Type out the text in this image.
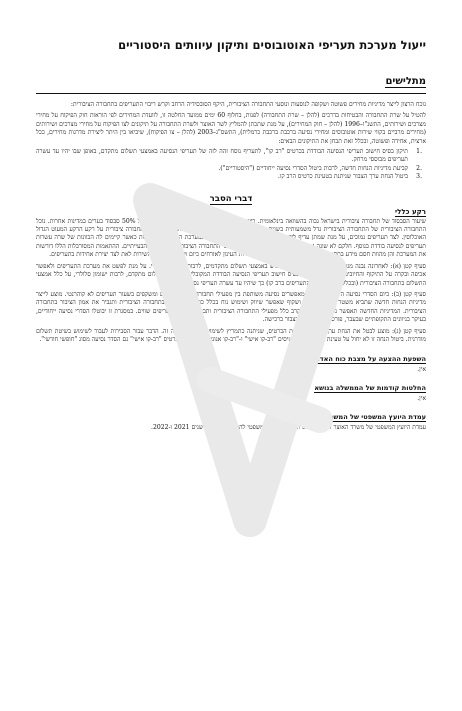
ייעול מערכת תעריפי האוטובוסים ותיקון עיוותים היסטוריים
מתלישים

נוכח הרצון לייצר מדיניות מחירים פשוטה ושקופה לנוסעות ונוסעי התחבורה הציבורית, היקף הסובסידיה הרחב וקרש ריבוי התעריפים בתחבורה הציבורית:

להטיל על שרת התחבורה והבטיחות בדרכים (להלן – שרת התחבורה) לפנות, בחלוף 60 ימים ממועד החלטה זו, לוועדת המחירים לפי הוראות חוק הפיקוח על מחירי מצרכים ושירותים, התשנ"ו–1996 (להלן – חוק המחירים), על מנת שתכתן להמליץ לשר האוצר ולשרת התחבורה על תיקונים לצו הפיקוח על מחירי מצרכים ושירותים (מחירים מרביים בקווי שירות אוטובוסים ומחירי נסיעה ברכבת ברכבת כרמלית), התשס"ג–2003 (להלן – צו הפיקוח), שיביאו בין היתר ליצירת מדרגות מחירים, ככל ארצית, אחידה ופשוטה, ובכלל זאת תבחן את התיקונים הבאים:

.1
תיקון בסיס חישוב תעריפי הנסיעה הבודדת בכרטיס "רב קו", לתעריף נוסח זהה לזה של תעריפי הנסיעה באמצעי תשלום מתקדם, באופן שבו יהיו עד עשרה תעריפים מבוססי מרחק.
.2
קביעת מדיניות הנחות חדשה, לרבות ביטול הסדרי נסיעה ייחודיים ("היסטוריים").
.3
ביטול הנחת ערך הצבור שניתנת בטעינת כרטיס הרב קו.
דברי הסבר
רקע כללי

שיעור הסבסוד של תחבורה ציבורית בישראל גבוה בהשוואה בינלאומית. בישראל הוא עומד על כ-70% לעומת ממוצע של 50% סבסוד בערים במדינות אחרות. נוכל התחבורה הציבורית של התחבורה הציבורית גדל משמעותית בשנים האחרונות וזאת לצד ביקוש נוסעים ותיקוני נוסעים בתחבורה ציבורית על רקע הרקע המעוט הגדול האוכלוסין. לצד תעריפים נמוכים, על מנת שמתן עדיף לייצר מדיניות מחירים פשוטה ושקופה במערכת התעריפים הקיימת כאשר קיימים לה הכוונות של שרה עשרות תעריפים לנסיעה בודדת בנוסף. חלקם לא שונה גם במסגרת הרפורמות שבוצעו בתעריפי התחבורה הציבורית השירותים והבעייתיים. ההתאמות המסורבלות הללו דורשות את המערכת והן מהוות חסם מידע בתחבורה הציבורית ובכך להרחיב את השירות העינון לאזרחים כיום ולשם את אלם השירות לאת לצד יצירת אחידות בתעריפים.

סעיף קטן (א): לאחרונה נבנה מגוון הנחות, מבוסס מרחק לשימוש באמצעי תשלום מתקדמים, לרבות, ישומון סלולרי. על מנת לפשט את מערכת התעריפים ולאפשר אכיפה ובקרה על התיקוף והחיובים, מוצע להחיל את בסיס חישוב תעריפי הנסיעה הבודדת המקובלים באמצעי תשלום מתקדם, לרבות ישומון סלולרי, על כלל אמצעי התשלום בתחבורה הציבורית (ובכלל זה על שיטת התעריפים ברב קו) כך שיהיו עד עשרה תעריפי נסיעה.

סעיף קטן (ב): כיום הסדרי נסיעה היסטוריים אינם מאפשרים נסיעה משותפת בין מפעילי תחבורה ציבורית שונים ומשקפים בשעור תעריפים לא קוהרנטי. מוצע לייצר מדיניות הנחות חדשה שתביא משטר תעריפי פשוט ושקוף שאפשר שיווק ושימוש נוח בכלל כרטיסי הנסיעה בתחבורה הציבורית ותגביר את אמון הציבור בתחבורה הציבורית. המדיניות החדשה תאפשר נסיעות מעבר בקרב כלל מפעילי התחבורה הציבורית ותבטל לשימוש תעריפים שווים. במסגרת זו יבוטלו הסדרי נסיעה ייחודיים, בעיקר בניוונים התקופתיים שבעבר, פורסמת לא לפגוע בצבור ברכישה.

סעיף קטן (ג): מוצע לבטל את הנחת ערך הצבור בטעינת הכרטיס, שניתנה כתמריץ לשימוש בהסדר נסיעה זה. הדבר עבור הסבירות לעבור לשימוש בשיטת תשלום מודרנית. ביטול הנחה זו לא יחול על טעינת ערך צבור לכרטיסים "רב-קו אישי" ו-"רב-קו אנונימי"), וביחס לכרטיס "רב-קו אישי" גם הסדר נסיעה מסוג "חופשי חודשי".

השפעת ההצעה על מצבת כוח האדם

אין.

החלטות קודמות של הממשלה בנושא

אין.

עמדת היועץ המשפטי של המשרד יוזם ההצעה

עמדת היועץ המשפטי של משרד האוצר הצורף במסגרת חוות הדעת למשפטי להכנת הכלכלית לשנים 2021 ו-2022.
